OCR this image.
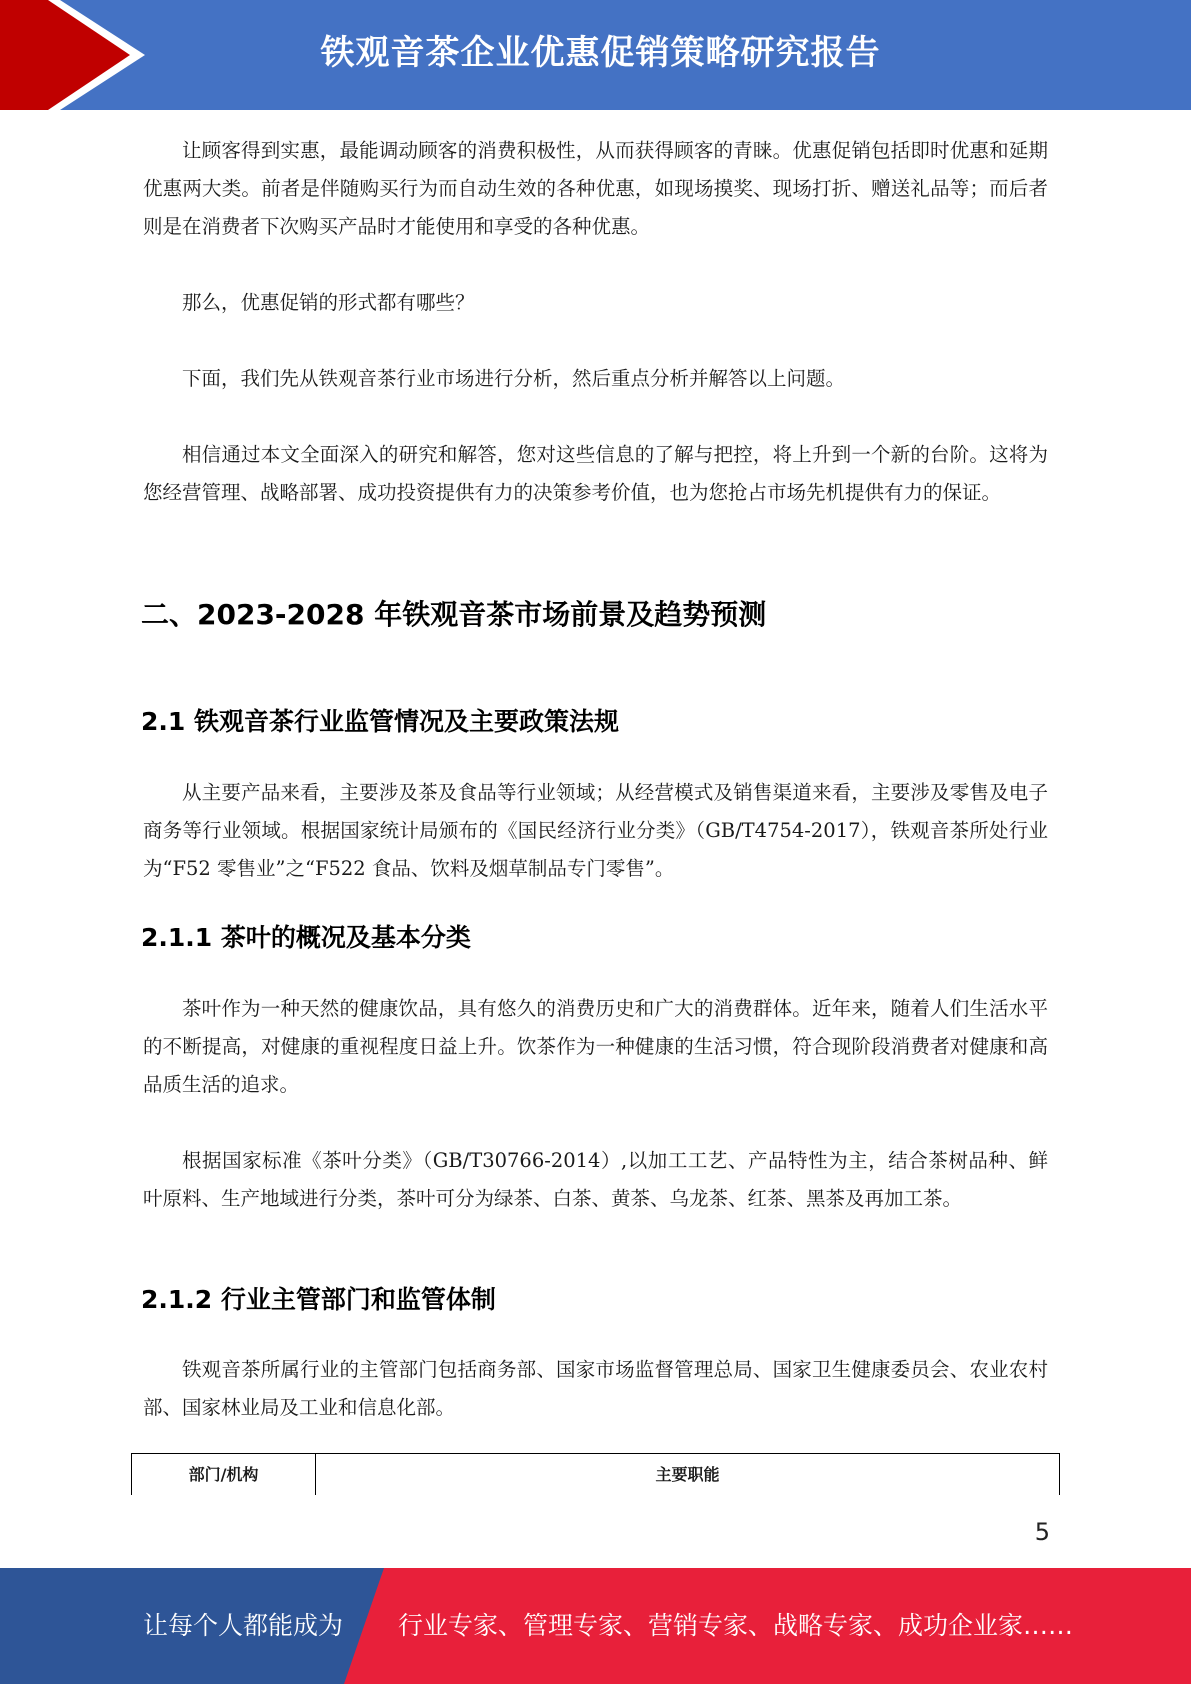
铁观音茶企业优惠促销策略研究报告

让顾客得到实惠，最能调动顾客的消费积极性，从而获得顾客的青睐。优惠促销包括即时优惠和延期优惠两大类。前者是伴随购买行为而自动生效的各种优惠，如现场摸奖、现场打折、赠送礼品等；而后者则是在消费者下次购买产品时才能使用和享受的各种优惠。

那么，优惠促销的形式都有哪些？

下面，我们先从铁观音茶行业市场进行分析，然后重点分析并解答以上问题。

相信通过本文全面深入的研究和解答，您对这些信息的了解与把控，将上升到一个新的台阶。这将为您经营管理、战略部署、成功投资提供有力的决策参考价值，也为您抢占市场先机提供有力的保证。

二、2023-2028 年铁观音茶市场前景及趋势预测
2.1 铁观音茶行业监管情况及主要政策法规

从主要产品来看，主要涉及茶及食品等行业领域；从经营模式及销售渠道来看，主要涉及零售及电子商务等行业领域。根据国家统计局颁布的《国民经济行业分类》（GB/T4754-2017），铁观音茶所处行业为“F52 零售业”之“F522 食品、饮料及烟草制品专门零售”。

2.1.1 茶叶的概况及基本分类

茶叶作为一种天然的健康饮品，具有悠久的消费历史和广大的消费群体。近年来，随着人们生活水平的不断提高，对健康的重视程度日益上升。饮茶作为一种健康的生活习惯，符合现阶段消费者对健康和高品质生活的追求。

根据国家标准《茶叶分类》（GB/T30766-2014）,以加工工艺、产品特性为主，结合茶树品种、鲜叶原料、生产地域进行分类，茶叶可分为绿茶、白茶、黄茶、乌龙茶、红茶、黑茶及再加工茶。

2.1.2 行业主管部门和监管体制

铁观音茶所属行业的主管部门包括商务部、国家市场监督管理总局、国家卫生健康委员会、农业农村部、国家林业局及工业和信息化部。

部门/机构	主要职能
5
让每个人都能成为 行业专家、管理专家、营销专家、战略专家、成功企业家……
